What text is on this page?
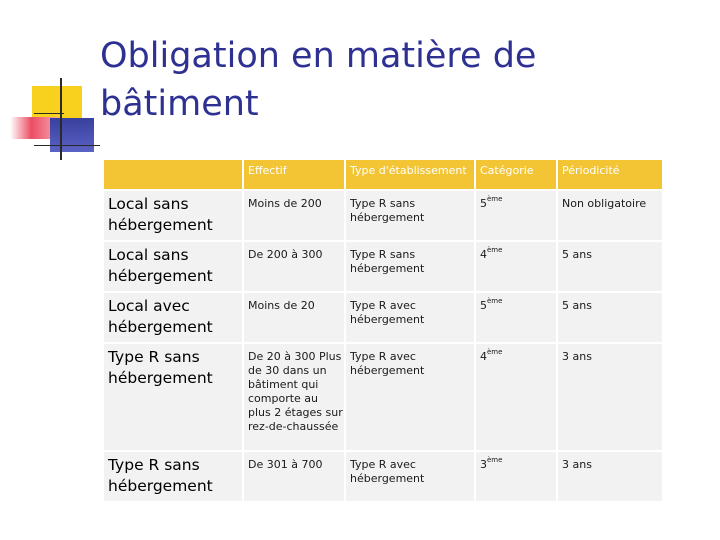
Obligation en matière de bâtiment
	Effectif	Type d'établissement	Catégorie	Périodicité
Local sans hébergement	Moins de 200	Type R sans hébergement	5ème	Non obligatoire
Local sans hébergement	De 200 à 300	Type R sans hébergement	4ème	5 ans
Local avec hébergement	Moins de 20	Type R avec hébergement	5ème	5 ans
Type R sans hébergement	De 20 à 300 Plus de 30 dans un bâtiment qui comporte au plus 2 étages sur rez-de-chaussée	Type R avec hébergement	4ème	3 ans
Type R sans hébergement	De 301 à 700	Type R avec hébergement	3ème	3 ans
